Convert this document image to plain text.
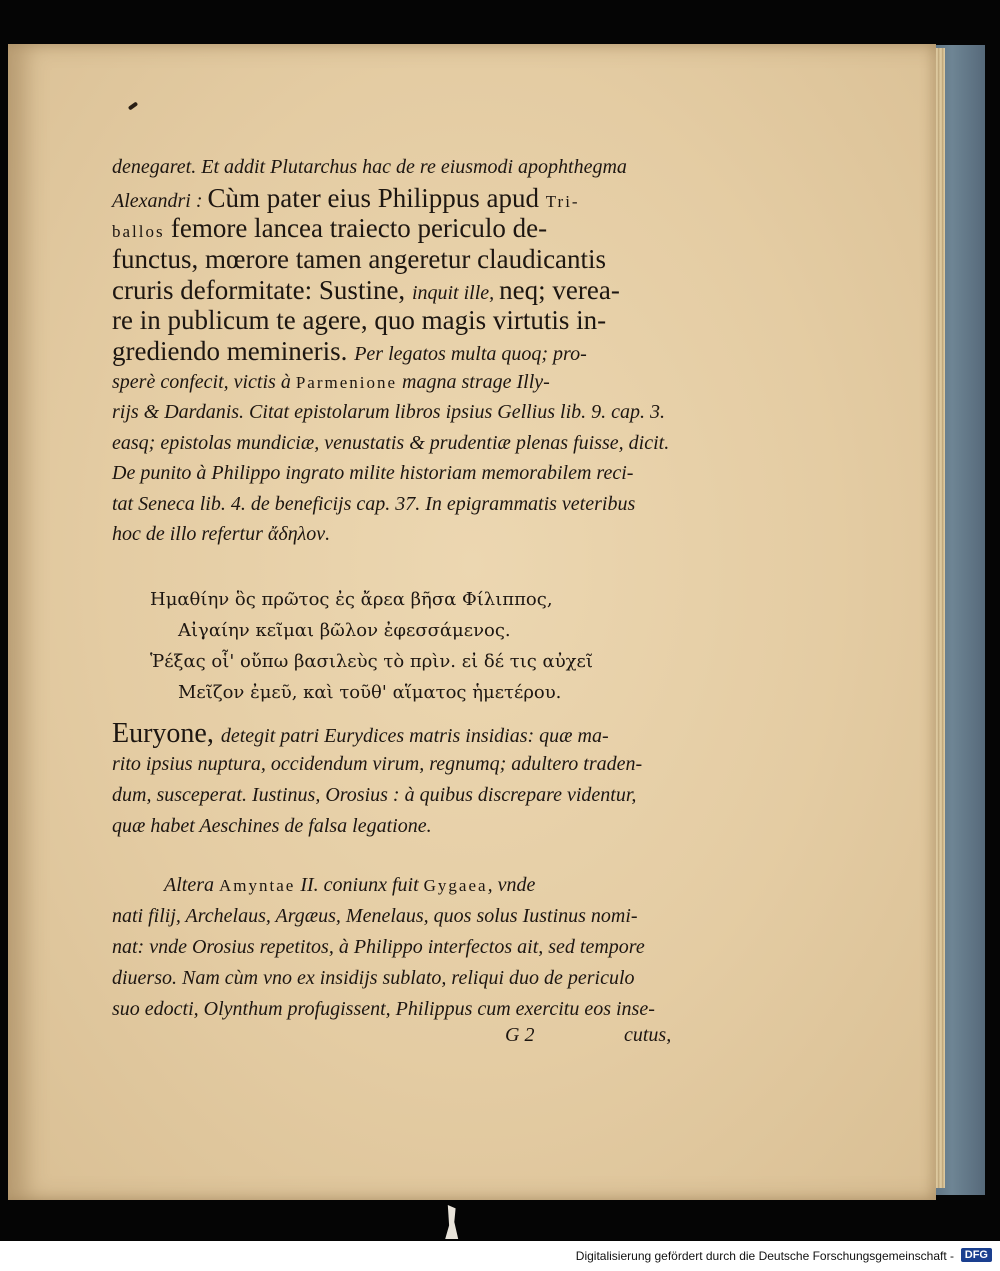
denegaret. Et addit Plutarchus hac de re eiusmodi apophthegma
Alexandri : Cùm pater eius Philippus apud Tri-
ballos femore lancea traiecto periculo de-
functus, mœrore tamen angeretur claudicantis
cruris deformitate: Sustine, inquit ille, neq; verea-
re in publicum te agere, quo magis virtutis in-
grediendo memineris. Per legatos multa quoq; pro-
sperè confecit, victis à Parmenione magna strage Illy-
rijs & Dardanis. Citat epistolarum libros ipsius Gellius lib. 9. cap. 3.
easq; epistolas mundiciæ, venustatis & prudentiæ plenas fuisse, dicit.
De punito à Philippo ingrato milite historiam memorabilem reci-
tat Seneca lib. 4. de beneficijs cap. 37. In epigrammatis veteribus
hoc de illo refertur ἄδηλον.
Ημαθίην ὃς πρῶτος ἐς ἄρεα βῆσα Φίλιππος,
Αἰγαίην κεῖμαι βῶλον ἐφεσσάμενος.
Ῥέξας οἷ' οὔπω βασιλεὺς τὸ πρὶν. εἰ δέ τις αὐχεῖ
Μεῖζον ἐμεῦ, καὶ τοῦθ' αἵματος ἡμετέρου.
Euryone, detegit patri Eurydices matris insidias: quæ ma-
rito ipsius nuptura, occidendum virum, regnumq; adultero traden-
dum, susceperat. Iustinus, Orosius : à quibus discrepare videntur,
quæ habet Aeschines de falsa legatione.
Altera Amyntae II. coniunx fuit Gygaea, vnde
nati filij, Archelaus, Argæus, Menelaus, quos solus Iustinus nomi-
nat: vnde Orosius repetitos, à Philippo interfectos ait, sed tempore
diuerso. Nam cùm vno ex insidijs sublato, reliqui duo de periculo
suo edocti, Olynthum profugissent, Philippus cum exercitu eos inse-
G 2	cutus,
Digitalisierung gefördert durch die Deutsche Forschungsgemeinschaft - DFG
